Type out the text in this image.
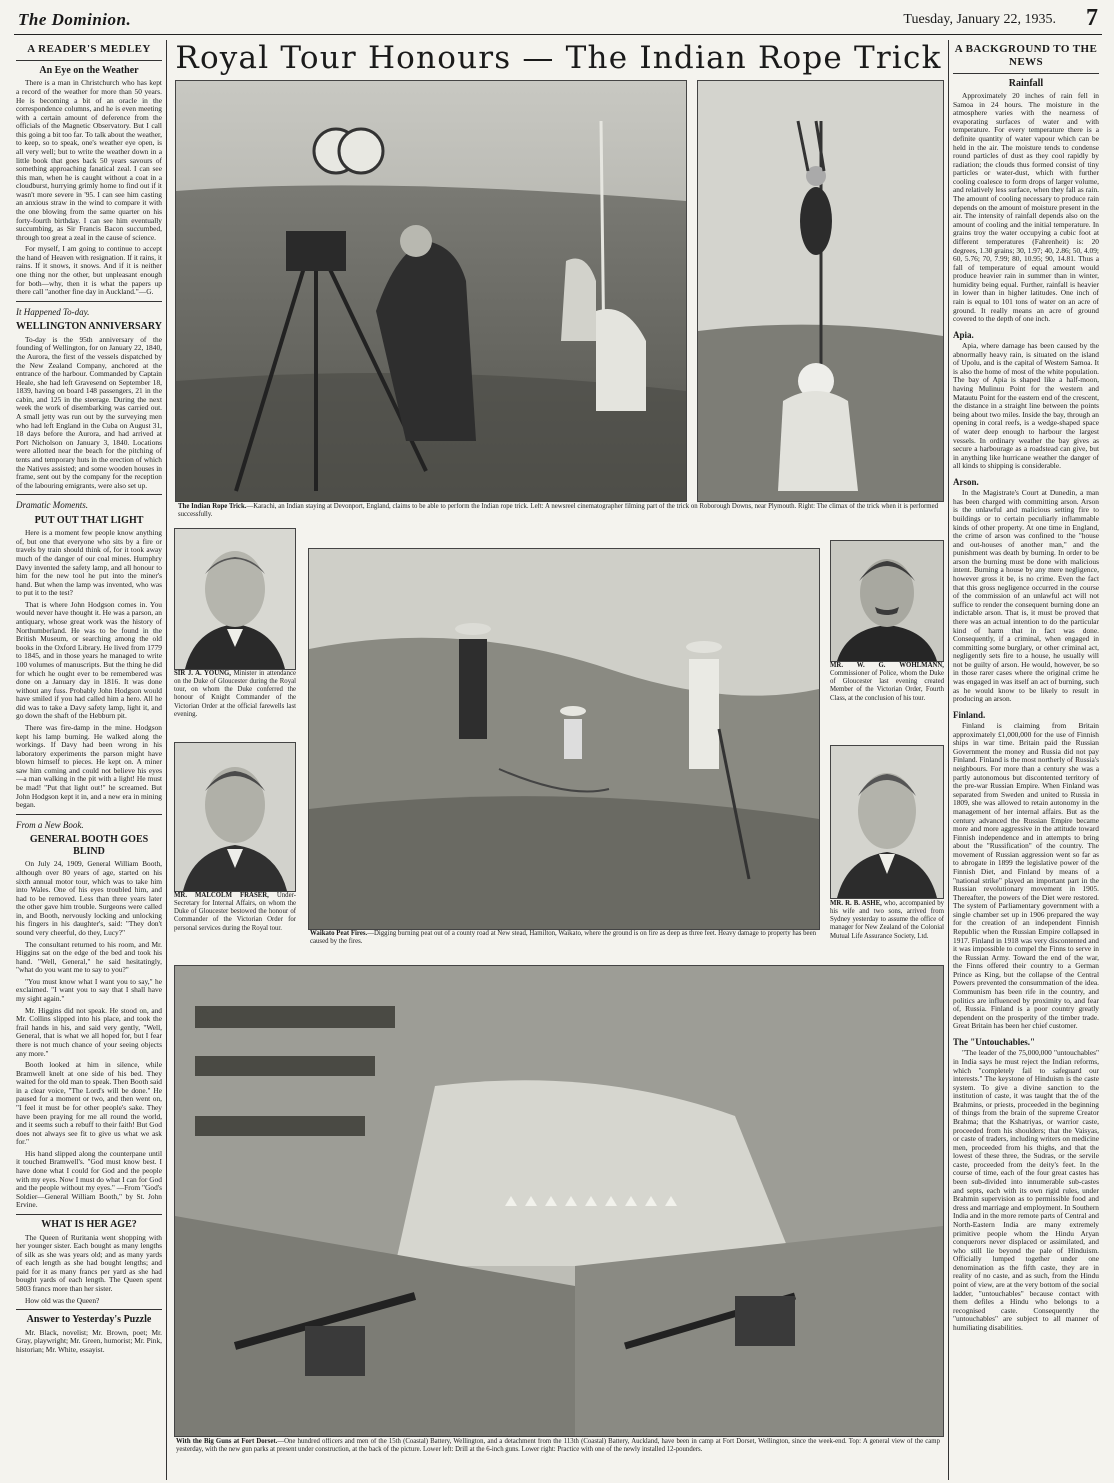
The Dominion.	Tuesday, January 22, 1935. 7
A READER'S MEDLEY
An Eye on the Weather

There is a man in Christchurch who has kept a record of the weather for more than 50 years. He is becoming a bit of an oracle in the correspondence columns, and he is even meeting with a certain amount of deference from the officials of the Magnetic Observatory. But I call this going a bit too far. To talk about the weather, to keep, so to speak, one's weather eye open, is all very well; but to write the weather down in a little book that goes back 50 years savours of something approaching fanatical zeal. I can see this man, when he is caught without a coat in a cloudburst, hurrying grimly home to find out if it wasn't more severe in '95. I can see him casting an anxious straw in the wind to compare it with the one blowing from the same quarter on his forty-fourth birthday. I can see him eventually succumbing, as Sir Francis Bacon succumbed, through too great a zeal in the cause of science.

For myself, I am going to continue to accept the hand of Heaven with resignation. If it rains, it rains. If it snows, it snows. And if it is neither one thing nor the other, but unpleasant enough for both—why, then it is what the papers up there call "another fine day in Auckland."—G.

It Happened To-day.
WELLINGTON ANNIVERSARY

To-day is the 95th anniversary of the founding of Wellington, for on January 22, 1840, the Aurora, the first of the vessels dispatched by the New Zealand Company, anchored at the entrance of the harbour. Commanded by Captain Heale, she had left Gravesend on September 18, 1839, having on board 148 passengers, 21 in the cabin, and 125 in the steerage. During the next week the work of disembarking was carried out. A small jetty was run out by the surveying men who had left England in the Cuba on August 31, 18 days before the Aurora, and had arrived at Port Nicholson on January 3, 1840. Locations were allotted near the beach for the pitching of tents and temporary huts in the erection of which the Natives assisted; and some wooden houses in frame, sent out by the company for the reception of the labouring emigrants, were also set up.

Dramatic Moments.
PUT OUT THAT LIGHT

Here is a moment few people know anything of, but one that everyone who sits by a fire or travels by train should think of, for it took away much of the danger of our coal mines. Humphry Davy invented the safety lamp, and all honour to him for the new tool he put into the miner's hand. But when the lamp was invented, who was to put it to the test?

That is where John Hodgson comes in. You would never have thought it. He was a parson, an antiquary, whose great work was the history of Northumberland. He was to be found in the British Museum, or searching among the old books in the Oxford Library. He lived from 1779 to 1845, and in those years he managed to write 100 volumes of manuscripts. But the thing he did for which he ought ever to be remembered was done on a January day in 1816. It was done without any fuss. Probably John Hodgson would have smiled if you had called him a hero. All he did was to take a Davy safety lamp, light it, and go down the shaft of the Hebburn pit.

There was fire-damp in the mine. Hodgson kept his lamp burning. He walked along the workings. If Davy had been wrong in his laboratory experiments the parson might have blown himself to pieces. He kept on. A miner saw him coming and could not believe his eyes—a man walking in the pit with a light! He must be mad! "Put that light out!" he screamed. But John Hodgson kept it in, and a new era in mining began.

From a New Book.
GENERAL BOOTH GOES BLIND

On July 24, 1909, General William Booth, although over 80 years of age, started on his sixth annual motor tour, which was to take him into Wales. One of his eyes troubled him, and had to be removed. Less than three years later the other gave him trouble. Surgeons were called in, and Booth, nervously locking and unlocking his fingers in his daughter's, said: "They don't sound very cheerful, do they, Lucy?"

The consultant returned to his room, and Mr. Higgins sat on the edge of the bed and took his hand. "Well, General," he said hesitatingly, "what do you want me to say to you?"

"You must know what I want you to say," he exclaimed. "I want you to say that I shall have my sight again."

Mr. Higgins did not speak. He stood on, and Mr. Collins slipped into his place, and took the frail hands in his, and said very gently, "Well, General, that is what we all hoped for, but I fear there is not much chance of your seeing objects any more."

Booth looked at him in silence, while Bramwell knelt at one side of his bed. They waited for the old man to speak. Then Booth said in a clear voice, "The Lord's will be done." He paused for a moment or two, and then went on, "I feel it must be for other people's sake. They have been praying for me all round the world, and it seems such a rebuff to their faith! But God does not always see fit to give us what we ask for."

His hand slipped along the counterpane until it touched Bramwell's. "God must know best. I have done what I could for God and the people with my eyes. Now I must do what I can for God and the people without my eyes." —From "God's Soldier—General William Booth," by St. John Ervine.

WHAT IS HER AGE?

The Queen of Ruritania went shopping with her younger sister. Each bought as many lengths of silk as she was years old; and as many yards of each length as she had bought lengths; and paid for it as many francs per yard as she had bought yards of each length. The Queen spent 5803 francs more than her sister.

How old was the Queen?

Answer to Yesterday's Puzzle

Mr. Black, novelist; Mr. Brown, poet; Mr. Gray, playwright; Mr. Green, humorist; Mr. Pink, historian; Mr. White, essayist.

A BACKGROUND TO THE NEWS
Rainfall

Approximately 20 inches of rain fell in Samoa in 24 hours. The moisture in the atmosphere varies with the nearness of evaporating surfaces of water and with temperature. For every temperature there is a definite quantity of water vapour which can be held in the air. The moisture tends to condense round particles of dust as they cool rapidly by radiation; the clouds thus formed consist of tiny particles or water-dust, which with further cooling coalesce to form drops of larger volume, and relatively less surface, when they fall as rain. The amount of cooling necessary to produce rain depends on the amount of moisture present in the air. The intensity of rainfall depends also on the amount of cooling and the initial temperature. In grains troy the water occupying a cubic foot at different temperatures (Fahrenheit) is: 20 degrees, 1.30 grains; 30, 1.97; 40, 2.86; 50, 4.09; 60, 5.76; 70, 7.99; 80, 10.95; 90, 14.81. Thus a fall of temperature of equal amount would produce heavier rain in summer than in winter, humidity being equal. Further, rainfall is heavier in lower than in higher latitudes. One inch of rain is equal to 101 tons of water on an acre of ground. It really means an acre of ground covered to the depth of one inch.

Apia.

Apia, where damage has been caused by the abnormally heavy rain, is situated on the island of Upolu, and is the capital of Western Samoa. It is also the home of most of the white population. The bay of Apia is shaped like a half-moon, having Mulinuu Point for the western and Matautu Point for the eastern end of the crescent, the distance in a straight line between the points being about two miles. Inside the bay, through an opening in coral reefs, is a wedge-shaped space of water deep enough to harbour the largest vessels. In ordinary weather the bay gives as secure a harbourage as a roadstead can give, but in anything like hurricane weather the danger of all kinds to shipping is considerable.

Arson.

In the Magistrate's Court at Dunedin, a man has been charged with committing arson. Arson is the unlawful and malicious setting fire to buildings or to certain peculiarly inflammable kinds of other property. At one time in England, the crime of arson was confined to the "house and out-houses of another man," and the punishment was death by burning. In order to be arson the burning must be done with malicious intent. Burning a house by any mere negligence, however gross it be, is no crime. Even the fact that this gross negligence occurred in the course of the commission of an unlawful act will not suffice to render the consequent burning done an indictable arson. That is, it must be proved that there was an actual intention to do the particular kind of harm that in fact was done. Consequently, if a criminal, when engaged in committing some burglary, or other criminal act, negligently sets fire to a house, he usually will not be guilty of arson. He would, however, be so in those rarer cases where the original crime he was engaged in was itself an act of burning, such as he would know to be likely to result in producing an arson.

Finland.

Finland is claiming from Britain approximately £1,000,000 for the use of Finnish ships in war time. Britain paid the Russian Government the money and Russia did not pay Finland. Finland is the most northerly of Russia's neighbours. For more than a century she was a partly autonomous but discontented territory of the pre-war Russian Empire. When Finland was separated from Sweden and united to Russia in 1809, she was allowed to retain autonomy in the management of her internal affairs. But as the century advanced the Russian Empire became more and more aggressive in the attitude toward Finnish independence and in attempts to bring about the "Russification" of the country. The movement of Russian aggression went so far as to abrogate in 1899 the legislative power of the Finnish Diet, and Finland by means of a "national strike" played an important part in the Russian revolutionary movement in 1905. Thereafter, the powers of the Diet were restored. The system of Parliamentary government with a single chamber set up in 1906 prepared the way for the creation of an independent Finnish Republic when the Russian Empire collapsed in 1917. Finland in 1918 was very discontented and it was impossible to compel the Finns to serve in the Russian Army. Toward the end of the war, the Finns offered their country to a German Prince as King, but the collapse of the Central Powers prevented the consummation of the idea. Communism has been rife in the country, and politics are influenced by proximity to, and fear of, Russia. Finland is a poor country greatly dependent on the prosperity of the timber trade. Great Britain has been her chief customer.

The "Untouchables."

"The leader of the 75,000,000 "untouchables" in India says he must reject the Indian reforms, which "completely fail to safeguard our interests." The keystone of Hinduism is the caste system. To give a divine sanction to the institution of caste, it was taught that the of the Brahmins, or priests, proceeded in the beginning of things from the brain of the supreme Creator Brahma; that the Kshatriyas, or warrior caste, proceeded from his shoulders; that the Vaisyas, or caste of traders, including writers on medicine men, proceeded from his thighs, and that the lowest of these three, the Sudras, or the servile caste, proceeded from the deity's feet. In the course of time, each of the four great castes has been sub-divided into innumerable sub-castes and septs, each with its own rigid rules, under Brahmin supervision as to permissible food and dress and marriage and employment. In Southern India and in the more remote parts of Central and North-Eastern India are many extremely primitive people whom the Hindu Aryan conquerors never displaced or assimilated, and who still lie beyond the pale of Hinduism. Officially lumped together under one denomination as the fifth caste, they are in reality of no caste, and as such, from the Hindu point of view, are at the very bottom of the social ladder, "untouchables" because contact with them defiles a Hindu who belongs to a recognised caste. Consequently the "untouchables" are subject to all manner of humiliating disabilities.

Royal Tour Honours — The Indian Rope Trick
The Indian Rope Trick.—Karachi, an Indian staying at Devonport, England, claims to be able to perform the Indian rope trick. Left: A newsreel cinematographer filming part of the trick on Roborough Downs, near Plymouth. Right: The climax of the trick when it is performed successfully.
SIR J. A. YOUNG, Minister in attendance on the Duke of Gloucester during the Royal tour, on whom the Duke conferred the honour of Knight Commander of the Victorian Order at the official farewells last evening.
MR. MALCOLM FRASER, Under-Secretary for Internal Affairs, on whom the Duke of Gloucester bestowed the honour of Commander of the Victorian Order for personal services during the Royal tour.
Waikato Peat Fires.—Digging burning peat out of a county road at New stead, Hamilton, Waikato, where the ground is on fire as deep as three feet. Heavy damage to property has been caused by the fires.
MR. W. G. WOHLMANN, Commissioner of Police, whom the Duke of Gloucester last evening created Member of the Victorian Order, Fourth Class, at the conclusion of his tour.
MR. R. B. ASHE, who, accompanied by his wife and two sons, arrived from Sydney yesterday to assume the office of manager for New Zealand of the Colonial Mutual Life Assurance Society, Ltd.
With the Big Guns at Fort Dorset.—One hundred officers and men of the 15th (Coastal) Battery, Wellington, and a detachment from the 113th (Coastal) Battery, Auckland, have been in camp at Fort Dorset, Wellington, since the week-end. Top: A general view of the camp yesterday, with the new gun parks at present under construction, at the back of the picture. Lower left: Drill at the 6-inch guns. Lower right: Practice with one of the newly installed 12-pounders.
